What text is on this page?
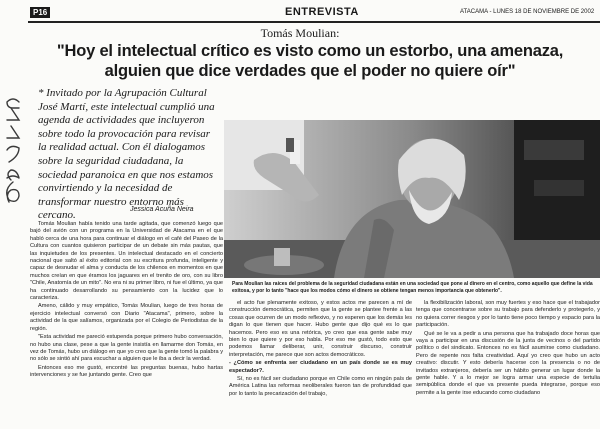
P16	ENTREVISTA	ATACAMA - LUNES 18 DE NOVIEMBRE DE 2002
Tomás Moulian:
"Hoy el intelectual crítico es visto como un estorbo, una amenaza,
alguien que dice verdades que el poder no quiere oír"
* Invitado por la Agrupación Cultural José Martí, este intelectual cumplió una agenda de actividades que incluyeron sobre todo la provocación para revisar la realidad actual. Con él dialogamos sobre la seguridad ciudadana, la sociedad paranoica en que nos estamos convirtiendo y la necesidad de transformar nuestro entorno más cercano.	Jessica Acuña Neira
Para Moulian las raíces del problema de la seguridad ciudadana están en una sociedad que pone al dinero en el centro, como aquello que define la vida exitosa, y por lo tanto "hace que los modos cómo el dinero se obtiene tengan menos importancia que obtenerlo".

Tomás Moulian había tenido una tarde agitada, que comenzó luego que bajó del avión con un programa en la Universidad de Atacama en el que habló cerca de una hora para continuar el diálogo en el café del Paseo de la Cultura con cuantos quisieron participar de un debate sin más pautas, que las inquietudes de los presentes. Un intelectual destacado en el concierto nacional que saltó al éxito editorial con su escritura profunda, inteligente y capaz de desnudar el alma y conducta de los chilenos en momentos en que muchos creían en que éramos los jaguares en el trenito de oro, con su libro "Chile, Anatomía de un mito". No era ni su primer libro, ni fue el último, ya que ha continuado desarrollando su pensamiento con la lucidez que lo caracteriza.

Ameno, cálido y muy empático, Tomás Moulian, luego de tres horas de ejercicio intelectual conversó con Diario "Atacama", primero, sobre la actividad de la que salíamos, organizada por el Colegio de Periodistas de la región.

"Esta actividad me pareció estupenda porque primero hubo conversación, no hubo una clase, pese a que la gente insistía en llamarme don Tomás, en vez de Tomás, hubo un diálogo en que yo creo que la gente tomó la palabra y no sólo se sintió ahí para escuchar a alguien que le iba a decir la verdad.

Entonces eso me gustó, encontré las preguntas buenas, hubo hartas intervenciones y se fue juntando gente. Creo que

el acto fue plenamente exitoso, y estos actos me parecen a mí de construcción democrática, permiten que la gente se plantee frente a las cosas que ocurren de un modo reflexivo, y no esperen que los demás les digan lo que tienen que hacer. Hubo gente que dijo qué es lo que hacemos. Pero eso es una retórica, yo creo que esa gente sabe muy bien lo que quiere y por eso habla. Por eso me gustó, todo esto que podemos llamar deliberar, unir, construir discurso, construir interpretación, me parece que son actos democráticos.

- ¿Cómo se enfrenta ser ciudadano en un país donde se es muy espectador?.

Sí, no es fácil ser ciudadano porque en Chile como en ningún país de América Latina las reformas neoliberales fueron tan de profundidad que por lo tanto la precarización del trabajo,

la flexibilización laboral, son muy fuertes y eso hace que el trabajador tenga que concentrarse sobre su trabajo para defenderlo y protegerlo, y no quiera correr riesgos y por lo tanto tiene poco tiempo y espacio para la participación.

Qué se le va a pedir a una persona que ha trabajado doce horas que vaya a participar en una discusión de la junta de vecinos o del partido político o del sindicato. Entonces no es fácil asumirse como ciudadano. Pero de repente nos falta creatividad. Aquí yo creo que hubo un acto creativo: discutir. Y esto debería hacerse con la presencia o no de invitados extranjeros, debería ser un hábito generar un lugar donde la gente hable. Y a lo mejor se logra armar una especie de tertulia semipública donde el que va presente pueda integrarse, porque eso permite a la gente irse educando como ciudadano
